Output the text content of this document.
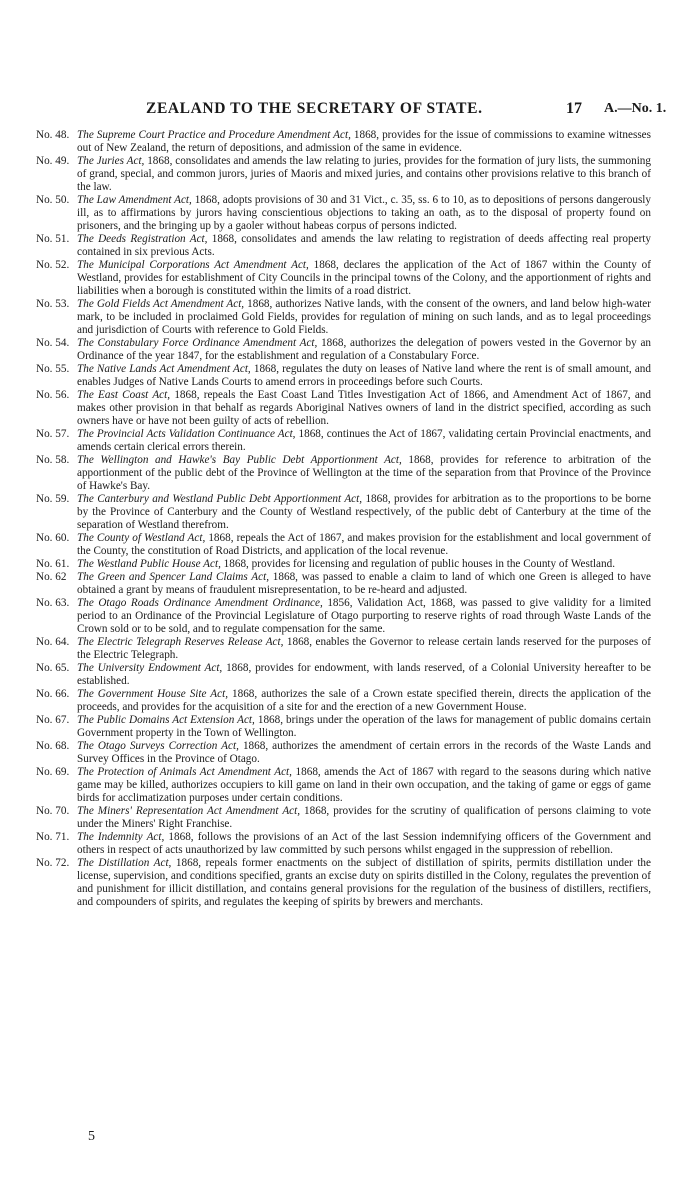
ZEALAND TO THE SECRETARY OF STATE.	17 A.—No. 1.

No. 48. The Supreme Court Practice and Procedure Amendment Act, 1868, provides for the issue of commissions to examine witnesses out of New Zealand, the return of depositions, and admission of the same in evidence.

No. 49. The Juries Act, 1868, consolidates and amends the law relating to juries, provides for the formation of jury lists, the summoning of grand, special, and common jurors, juries of Maoris and mixed juries, and contains other provisions relative to this branch of the law.

No. 50. The Law Amendment Act, 1868, adopts provisions of 30 and 31 Vict., c. 35, ss. 6 to 10, as to depositions of persons dangerously ill, as to affirmations by jurors having conscientious objections to taking an oath, as to the disposal of property found on prisoners, and the bringing up by a gaoler without habeas corpus of persons indicted.

No. 51. The Deeds Registration Act, 1868, consolidates and amends the law relating to registration of deeds affecting real property contained in six previous Acts.

No. 52. The Municipal Corporations Act Amendment Act, 1868, declares the application of the Act of 1867 within the County of Westland, provides for establishment of City Councils in the principal towns of the Colony, and the apportionment of rights and liabilities when a borough is constituted within the limits of a road district.

No. 53. The Gold Fields Act Amendment Act, 1868, authorizes Native lands, with the consent of the owners, and land below high-water mark, to be included in proclaimed Gold Fields, provides for regulation of mining on such lands, and as to legal proceedings and jurisdiction of Courts with reference to Gold Fields.

No. 54. The Constabulary Force Ordinance Amendment Act, 1868, authorizes the delegation of powers vested in the Governor by an Ordinance of the year 1847, for the establishment and regulation of a Constabulary Force.

No. 55. The Native Lands Act Amendment Act, 1868, regulates the duty on leases of Native land where the rent is of small amount, and enables Judges of Native Lands Courts to amend errors in proceedings before such Courts.

No. 56. The East Coast Act, 1868, repeals the East Coast Land Titles Investigation Act of 1866, and Amendment Act of 1867, and makes other provision in that behalf as regards Aboriginal Natives owners of land in the district specified, according as such owners have or have not been guilty of acts of rebellion.

No. 57. The Provincial Acts Validation Continuance Act, 1868, continues the Act of 1867, validating certain Provincial enactments, and amends certain clerical errors therein.

No. 58. The Wellington and Hawke's Bay Public Debt Apportionment Act, 1868, provides for reference to arbitration of the apportionment of the public debt of the Province of Wellington at the time of the separation from that Province of the Province of Hawke's Bay.

No. 59. The Canterbury and Westland Public Debt Apportionment Act, 1868, provides for arbitration as to the proportions to be borne by the Province of Canterbury and the County of Westland respectively, of the public debt of Canterbury at the time of the separation of Westland therefrom.

No. 60. The County of Westland Act, 1868, repeals the Act of 1867, and makes provision for the establishment and local government of the County, the constitution of Road Districts, and application of the local revenue.

No. 61. The Westland Public House Act, 1868, provides for licensing and regulation of public houses in the County of Westland.

No. 62 The Green and Spencer Land Claims Act, 1868, was passed to enable a claim to land of which one Green is alleged to have obtained a grant by means of fraudulent misrepresentation, to be re-heard and adjusted.

No. 63. The Otago Roads Ordinance Amendment Ordinance, 1856, Validation Act, 1868, was passed to give validity for a limited period to an Ordinance of the Provincial Legislature of Otago purporting to reserve rights of road through Waste Lands of the Crown sold or to be sold, and to regulate compensation for the same.

No. 64. The Electric Telegraph Reserves Release Act, 1868, enables the Governor to release certain lands reserved for the purposes of the Electric Telegraph.

No. 65. The University Endowment Act, 1868, provides for endowment, with lands reserved, of a Colonial University hereafter to be established.

No. 66. The Government House Site Act, 1868, authorizes the sale of a Crown estate specified therein, directs the application of the proceeds, and provides for the acquisition of a site for and the erection of a new Government House.

No. 67. The Public Domains Act Extension Act, 1868, brings under the operation of the laws for management of public domains certain Government property in the Town of Wellington.

No. 68. The Otago Surveys Correction Act, 1868, authorizes the amendment of certain errors in the records of the Waste Lands and Survey Offices in the Province of Otago.

No. 69. The Protection of Animals Act Amendment Act, 1868, amends the Act of 1867 with regard to the seasons during which native game may be killed, authorizes occupiers to kill game on land in their own occupation, and the taking of game or eggs of game birds for acclimatization purposes under certain conditions.

No. 70. The Miners' Representation Act Amendment Act, 1868, provides for the scrutiny of qualification of persons claiming to vote under the Miners' Right Franchise.

No. 71. The Indemnity Act, 1868, follows the provisions of an Act of the last Session indemnifying officers of the Government and others in respect of acts unauthorized by law committed by such persons whilst engaged in the suppression of rebellion.

No. 72. The Distillation Act, 1868, repeals former enactments on the subject of distillation of spirits, permits distillation under the license, supervision, and conditions specified, grants an excise duty on spirits distilled in the Colony, regulates the prevention of and punishment for illicit distillation, and contains general provisions for the regulation of the business of distillers, rectifiers, and compounders of spirits, and regulates the keeping of spirits by brewers and merchants.

5
